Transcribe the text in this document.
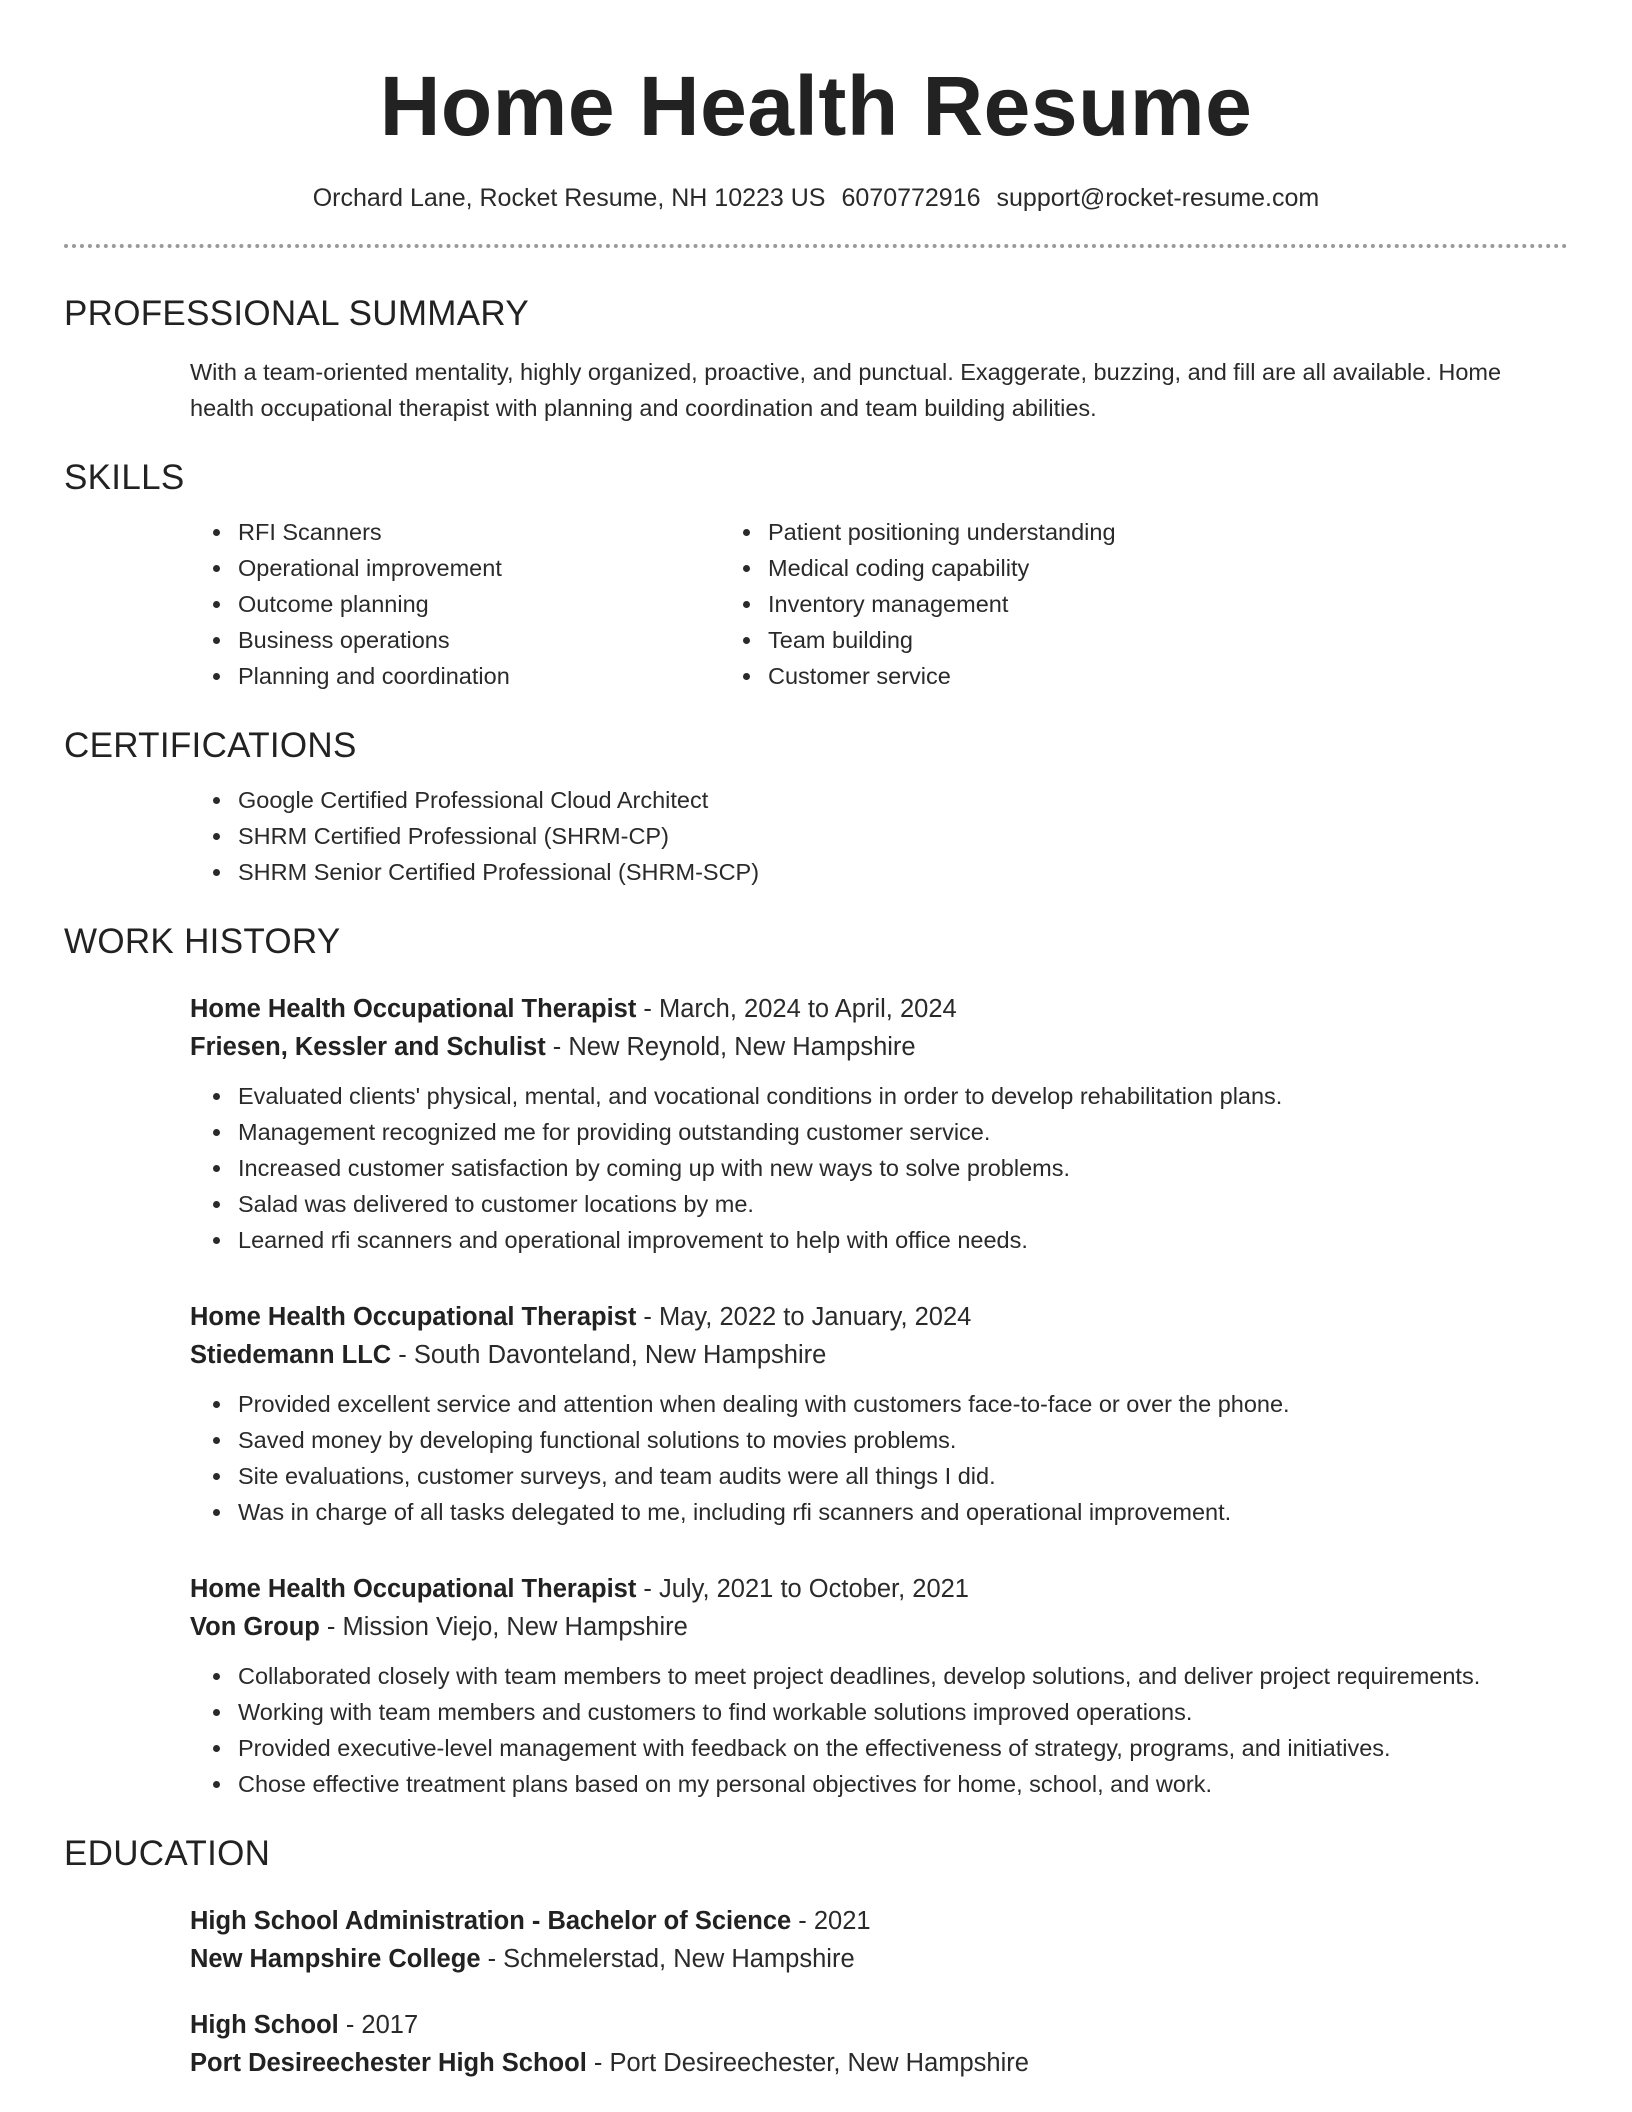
Home Health Resume
Orchard Lane, Rocket Resume, NH 10223 US 6070772916 support@rocket-resume.com
PROFESSIONAL SUMMARY
With a team-oriented mentality, highly organized, proactive, and punctual. Exaggerate, buzzing, and fill are all available. Home health occupational therapist with planning and coordination and team building abilities.
SKILLS
• RFI Scanners
• Operational improvement
• Outcome planning
• Business operations
• Planning and coordination
• Patient positioning understanding
• Medical coding capability
• Inventory management
• Team building
• Customer service
CERTIFICATIONS
• Google Certified Professional Cloud Architect
• SHRM Certified Professional (SHRM-CP)
• SHRM Senior Certified Professional (SHRM-SCP)
WORK HISTORY
Home Health Occupational Therapist - March, 2024 to April, 2024
Friesen, Kessler and Schulist - New Reynold, New Hampshire
• Evaluated clients' physical, mental, and vocational conditions in order to develop rehabilitation plans.
• Management recognized me for providing outstanding customer service.
• Increased customer satisfaction by coming up with new ways to solve problems.
• Salad was delivered to customer locations by me.
• Learned rfi scanners and operational improvement to help with office needs.
Home Health Occupational Therapist - May, 2022 to January, 2024
Stiedemann LLC - South Davonteland, New Hampshire
• Provided excellent service and attention when dealing with customers face-to-face or over the phone.
• Saved money by developing functional solutions to movies problems.
• Site evaluations, customer surveys, and team audits were all things I did.
• Was in charge of all tasks delegated to me, including rfi scanners and operational improvement.
Home Health Occupational Therapist - July, 2021 to October, 2021
Von Group - Mission Viejo, New Hampshire
• Collaborated closely with team members to meet project deadlines, develop solutions, and deliver project requirements.
• Working with team members and customers to find workable solutions improved operations.
• Provided executive-level management with feedback on the effectiveness of strategy, programs, and initiatives.
• Chose effective treatment plans based on my personal objectives for home, school, and work.
EDUCATION
High School Administration - Bachelor of Science - 2021
New Hampshire College - Schmelerstad, New Hampshire
High School - 2017
Port Desireechester High School - Port Desireechester, New Hampshire
